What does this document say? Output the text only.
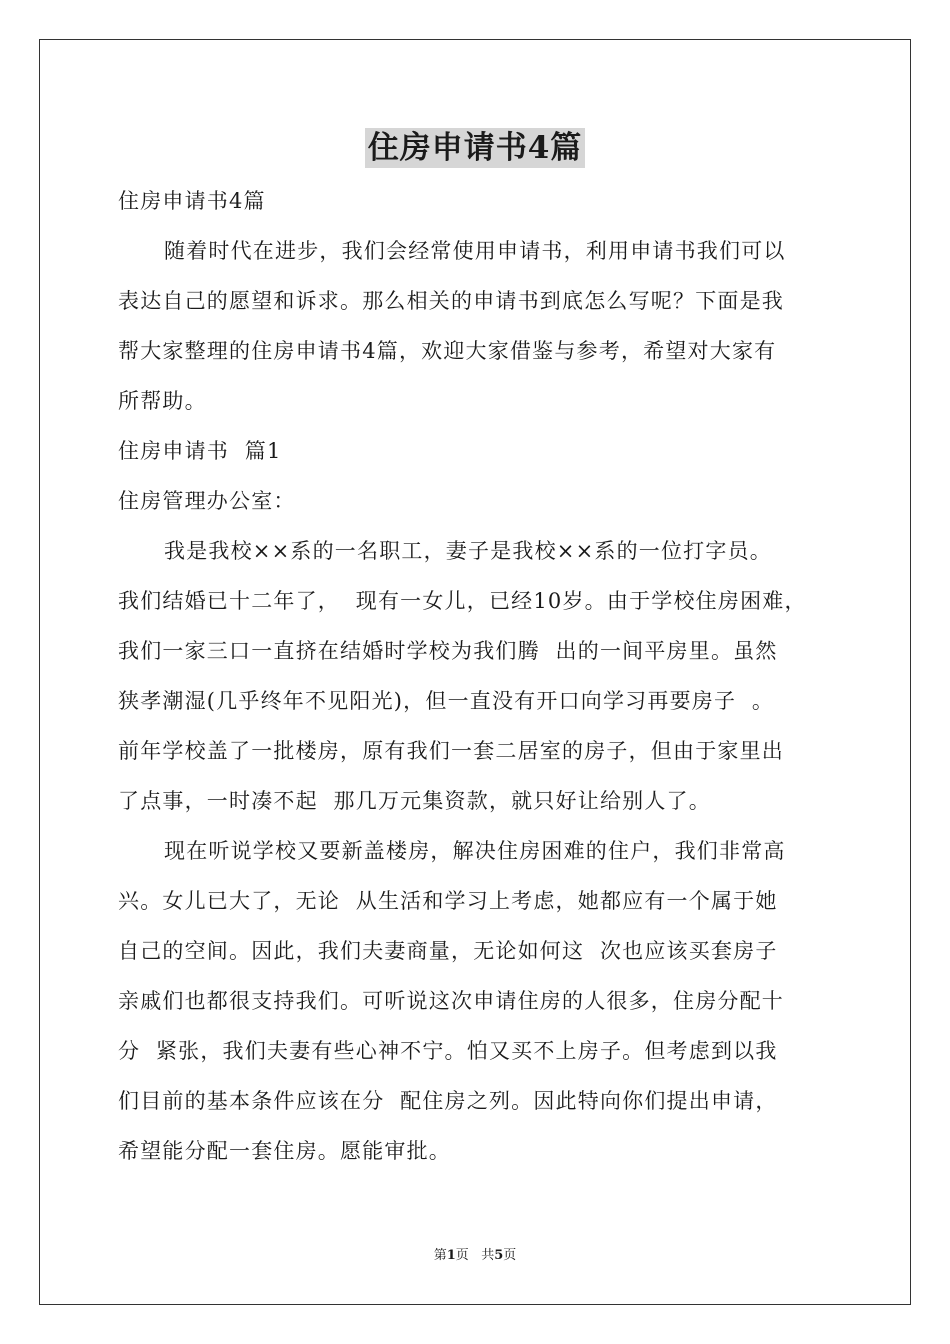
住房申请书4篇
住房申请书4篇
随着时代在进步，我们会经常使用申请书，利用申请书我们可以
表达自己的愿望和诉求。那么相关的申请书到底怎么写呢？下面是我
帮大家整理的住房申请书4篇，欢迎大家借鉴与参考，希望对大家有
所帮助。
住房申请书  篇1
住房管理办公室：
我是我校××系的一名职工，妻子是我校××系的一位打字员。
我们结婚已十二年了，  现有一女儿，已经10岁。由于学校住房困难，
我们一家三口一直挤在结婚时学校为我们腾  出的一间平房里。虽然
狭孝潮湿(几乎终年不见阳光)，但一直没有开口向学习再要房子  。
前年学校盖了一批楼房，原有我们一套二居室的房子，但由于家里出
了点事，一时凑不起  那几万元集资款，就只好让给别人了。
现在听说学校又要新盖楼房，解决住房困难的住户，我们非常高
兴。女儿已大了，无论  从生活和学习上考虑，她都应有一个属于她
自己的空间。因此，我们夫妻商量，无论如何这  次也应该买套房子
亲戚们也都很支持我们。可听说这次申请住房的人很多，住房分配十
分  紧张，我们夫妻有些心神不宁。怕又买不上房子。但考虑到以我
们目前的基本条件应该在分  配住房之列。因此特向你们提出申请，
希望能分配一套住房。愿能审批。
第1页 共5页
